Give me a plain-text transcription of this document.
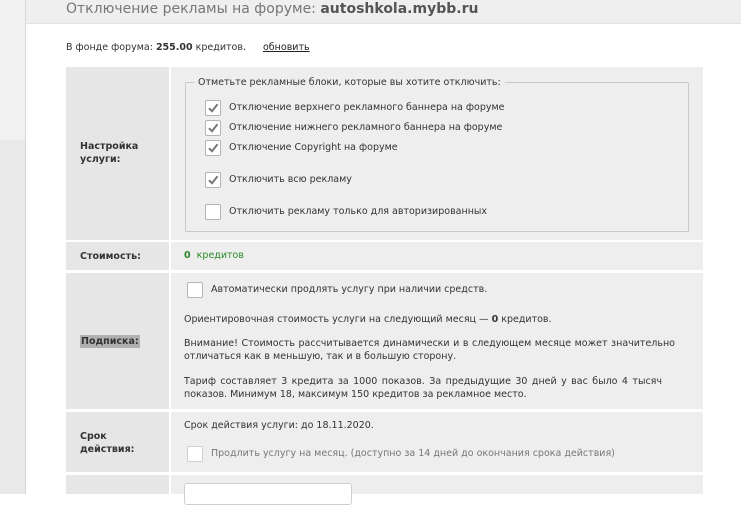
Отключение рекламы на форуме: autoshkola.mybb.ru
В фонде форума: 255.00 кредитов. обновить
Настройка услуги:
Отметьте рекламные блоки, которые вы хотите отключить:
Отключение верхнего рекламного баннера на форуме
Отключение нижнего рекламного баннера на форуме
Отключение Copyright на форуме
Отключить всю рекламу
Отключить рекламу только для авторизированных
Стоимость:	0 кредитов
Подписка:
Автоматически продлять услугу при наличии средств.
Ориентировочная стоимость услуги на следующий месяц — 0 кредитов.
Внимание! Стоимость рассчитывается динамически и в следующем месяце может значительно отличаться как в меньшую, так и в большую сторону.
Тариф составляет 3 кредита за 1000 показов. За предыдущие 30 дней у вас было 4 тысяч показов. Минимум 18, максимум 150 кредитов за рекламное место.
Срок действия:
Срок действия услуги: до 18.11.2020.
Продлить услугу на месяц. (доступно за 14 дней до окончания срока действия)
